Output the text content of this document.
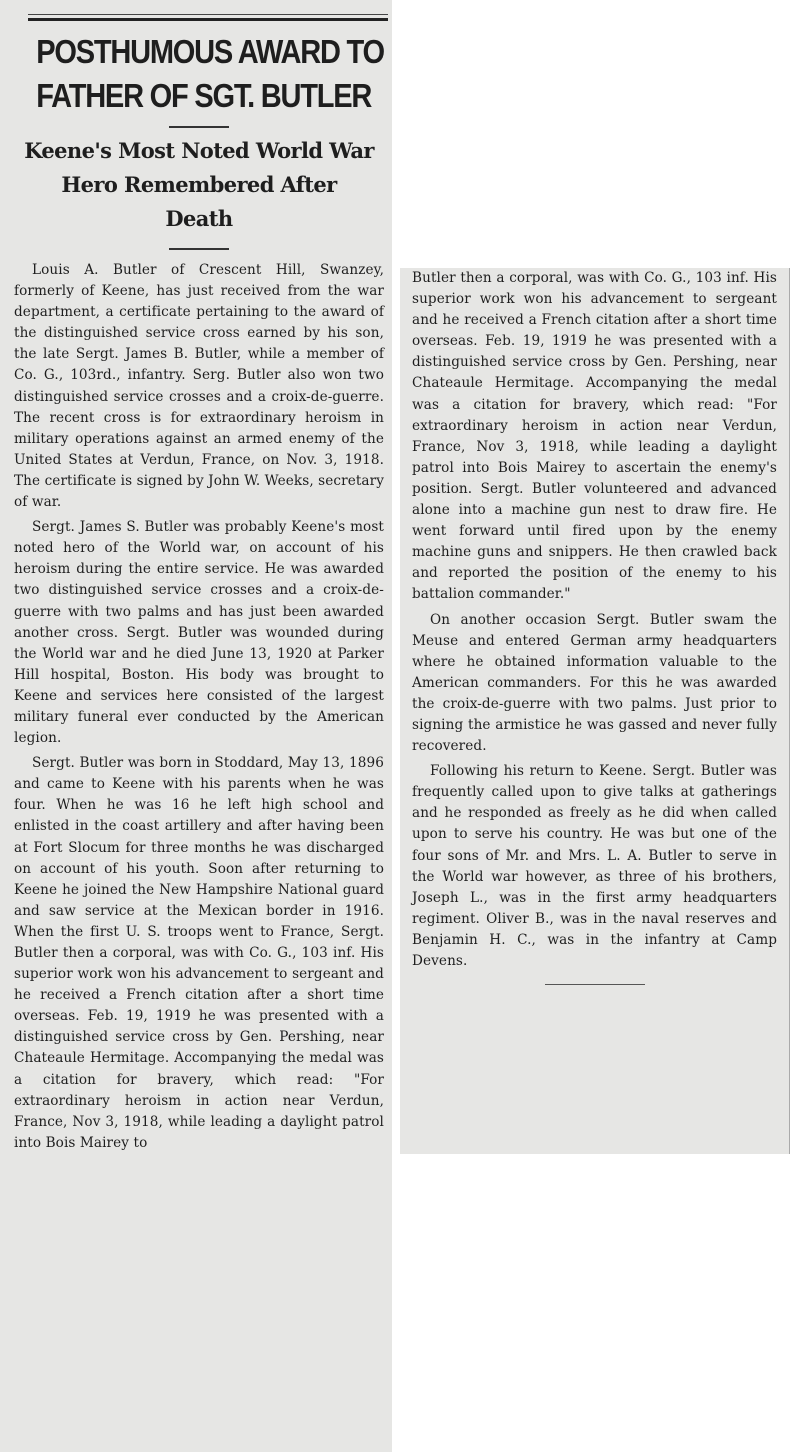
POSTHUMOUS AWARD TO
FATHER OF SGT. BUTLER
Keene's Most Noted World War
Hero Remembered After
Death

Louis A. Butler of Crescent Hill, Swanzey, formerly of Keene, has just received from the war department, a certificate pertaining to the award of the distinguished service cross earned by his son, the late Sergt. James B. Butler, while a member of Co. G., 103rd., infantry. Serg. Butler also won two distinguished service crosses and a croix-de-guerre. The recent cross is for extraordinary heroism in military operations against an armed enemy of the United States at Verdun, France, on Nov. 3, 1918. The certificate is signed by John W. Weeks, secretary of war.

Sergt. James S. Butler was probably Keene's most noted hero of the World war, on account of his heroism during the entire service. He was awarded two distinguished service crosses and a croix-de-guerre with two palms and has just been awarded another cross. Sergt. Butler was wounded during the World war and he died June 13, 1920 at Parker Hill hospital, Boston. His body was brought to Keene and services here consisted of the largest military funeral ever conducted by the American legion.

Sergt. Butler was born in Stoddard, May 13, 1896 and came to Keene with his parents when he was four. When he was 16 he left high school and enlisted in the coast artillery and after having been at Fort Slocum for three months he was discharged on account of his youth. Soon after returning to Keene he joined the New Hampshire National guard and saw service at the Mexican border in 1916. When the first U. S. troops went to France, Sergt. Butler then a corporal, was with Co. G., 103 inf. His superior work won his advancement to sergeant and he received a French citation after a short time overseas. Feb. 19, 1919 he was presented with a distinguished service cross by Gen. Pershing, near Chateaule Hermitage. Accompanying the medal was a citation for bravery, which read: "For extraordinary heroism in action near Verdun, France, Nov 3, 1918, while leading a daylight patrol into Bois Mairey to

Butler then a corporal, was with Co. G., 103 inf. His superior work won his advancement to sergeant and he received a French citation after a short time overseas. Feb. 19, 1919 he was presented with a distinguished service cross by Gen. Pershing, near Chateaule Hermitage. Accompanying the medal was a citation for bravery, which read: "For extraordinary heroism in action near Verdun, France, Nov 3, 1918, while leading a daylight patrol into Bois Mairey to ascertain the enemy's position. Sergt. Butler volunteered and advanced alone into a machine gun nest to draw fire. He went forward until fired upon by the enemy machine guns and snippers. He then crawled back and reported the position of the enemy to his battalion commander."

On another occasion Sergt. Butler swam the Meuse and entered German army headquarters where he obtained information valuable to the American commanders. For this he was awarded the croix-de-guerre with two palms. Just prior to signing the armistice he was gassed and never fully recovered.

Following his return to Keene. Sergt. Butler was frequently called upon to give talks at gatherings and he responded as freely as he did when called upon to serve his country. He was but one of the four sons of Mr. and Mrs. L. A. Butler to serve in the World war however, as three of his brothers, Joseph L., was in the first army headquarters regiment. Oliver B., was in the naval reserves and Benjamin H. C., was in the infantry at Camp Devens.
